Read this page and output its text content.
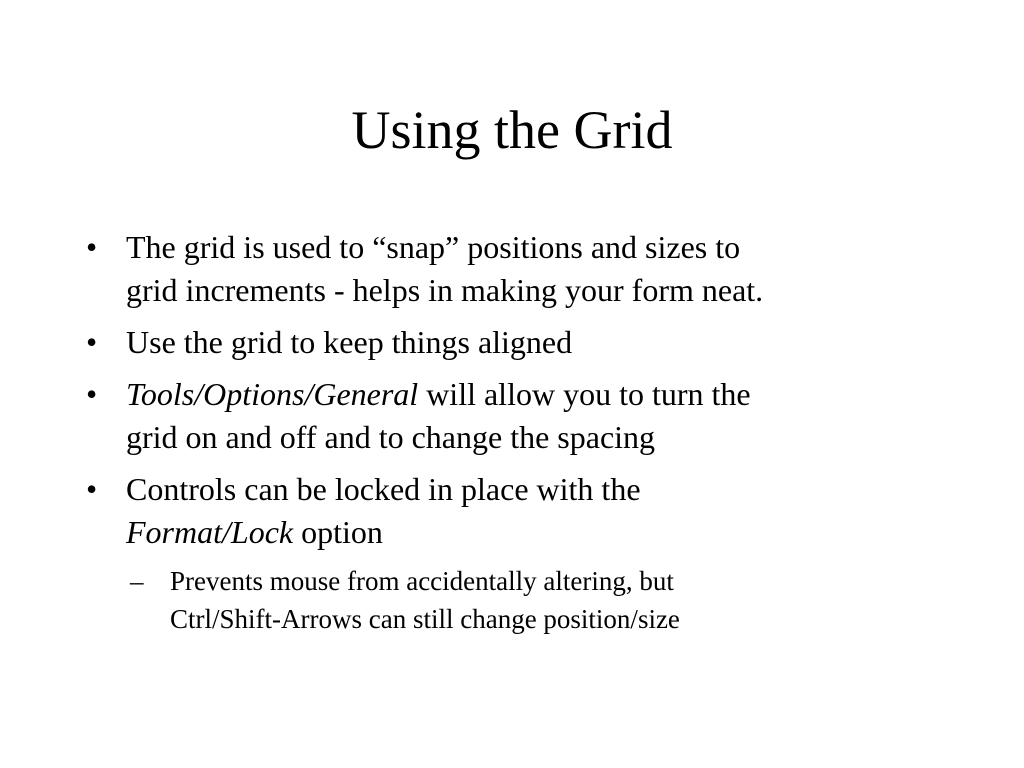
Using the Grid
• The grid is used to “snap” positions and sizes to
grid increments - helps in making your form neat.
• Use the grid to keep things aligned
• Tools/Options/General will allow you to turn the
grid on and off and to change the spacing
• Controls can be locked in place with the
Format/Lock option
– Prevents mouse from accidentally altering, but
Ctrl/Shift-Arrows can still change position/size
